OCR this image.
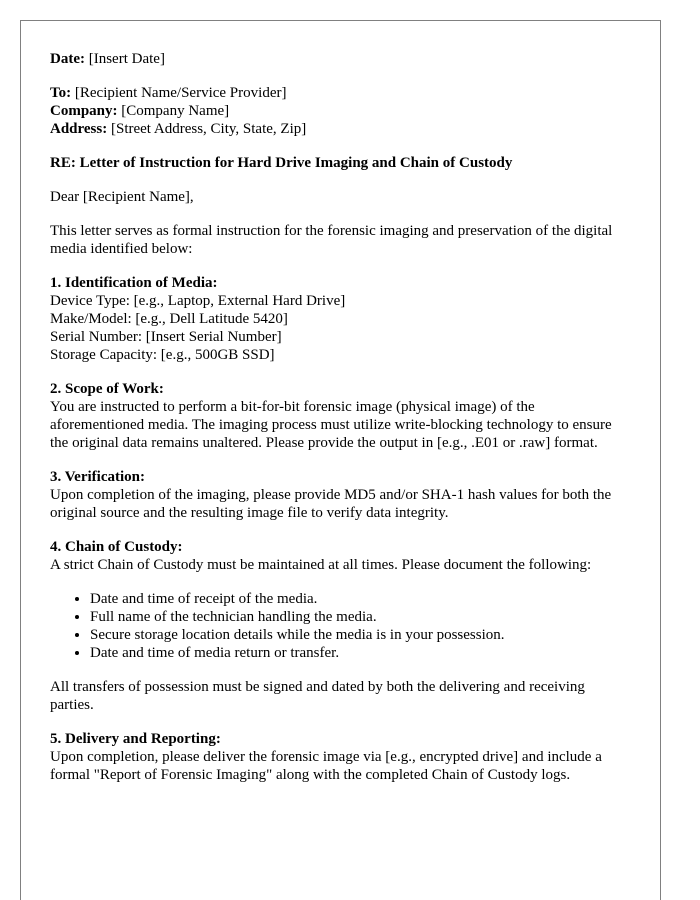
Date: [Insert Date]

To: [Recipient Name/Service Provider]

Company: [Company Name]

Address: [Street Address, City, State, Zip]

RE: Letter of Instruction for Hard Drive Imaging and Chain of Custody

Dear [Recipient Name],

This letter serves as formal instruction for the forensic imaging and preservation of the digital media identified below:

1. Identification of Media:

Device Type: [e.g., Laptop, External Hard Drive]

Make/Model: [e.g., Dell Latitude 5420]

Serial Number: [Insert Serial Number]

Storage Capacity: [e.g., 500GB SSD]

2. Scope of Work:

You are instructed to perform a bit-for-bit forensic image (physical image) of the aforementioned media. The imaging process must utilize write-blocking technology to ensure the original data remains unaltered. Please provide the output in [e.g., .E01 or .raw] format.

3. Verification:

Upon completion of the imaging, please provide MD5 and/or SHA-1 hash values for both the original source and the resulting image file to verify data integrity.

4. Chain of Custody:

A strict Chain of Custody must be maintained at all times. Please document the following:

• Date and time of receipt of the media.
• Full name of the technician handling the media.
• Secure storage location details while the media is in your possession.
• Date and time of media return or transfer.

All transfers of possession must be signed and dated by both the delivering and receiving parties.

5. Delivery and Reporting:

Upon completion, please deliver the forensic image via [e.g., encrypted drive] and include a formal "Report of Forensic Imaging" along with the completed Chain of Custody logs.
